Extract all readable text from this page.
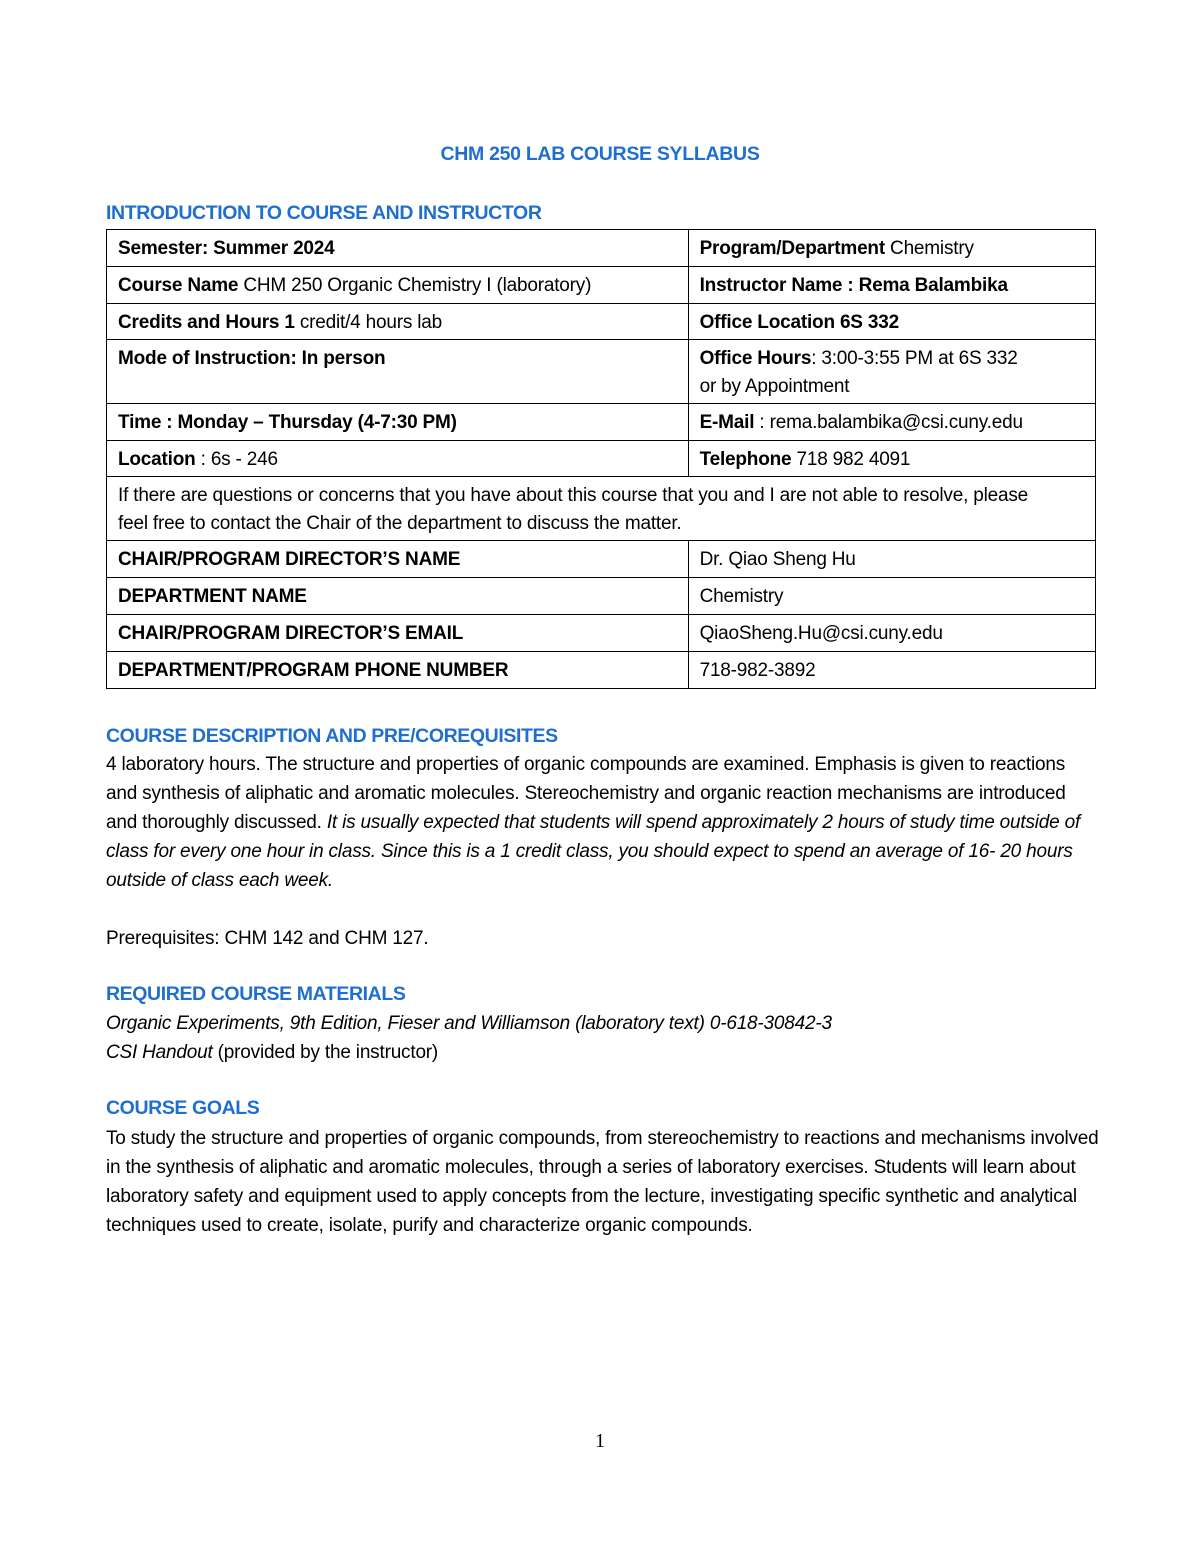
CHM 250 LAB COURSE SYLLABUS
INTRODUCTION TO COURSE AND INSTRUCTOR
Semester: Summer 2024	Program/Department Chemistry
Course Name CHM 250 Organic Chemistry I (laboratory)	Instructor Name : Rema Balambika
Credits and Hours 1 credit/4 hours lab	Office Location 6S 332
Mode of Instruction: In person	Office Hours: 3:00-3:55 PM at 6S 332
or by Appointment
Time : Monday – Thursday (4-7:30 PM)	E-Mail : rema.balambika@csi.cuny.edu
Location : 6s - 246	Telephone 718 982 4091
If there are questions or concerns that you have about this course that you and I are not able to resolve, please feel free to contact the Chair of the department to discuss the matter.	
CHAIR/PROGRAM DIRECTOR’S NAME	Dr. Qiao Sheng Hu
DEPARTMENT NAME	Chemistry
CHAIR/PROGRAM DIRECTOR’S EMAIL	QiaoSheng.Hu@csi.cuny.edu
DEPARTMENT/PROGRAM PHONE NUMBER	718-982-3892
COURSE DESCRIPTION AND PRE/COREQUISITES
4 laboratory hours. The structure and properties of organic compounds are examined. Emphasis is given to reactions and synthesis of aliphatic and aromatic molecules. Stereochemistry and organic reaction mechanisms are introduced and thoroughly discussed. It is usually expected that students will spend approximately 2 hours of study time outside of class for every one hour in class. Since this is a 1 credit class, you should expect to spend an average of 16- 20 hours outside of class each week.
Prerequisites: CHM 142 and CHM 127.
REQUIRED COURSE MATERIALS
Organic Experiments, 9th Edition, Fieser and Williamson (laboratory text) 0-618-30842-3
CSI Handout (provided by the instructor)
COURSE GOALS
To study the structure and properties of organic compounds, from stereochemistry to reactions and mechanisms involved in the synthesis of aliphatic and aromatic molecules, through a series of laboratory exercises. Students will learn about laboratory safety and equipment used to apply concepts from the lecture, investigating specific synthetic and analytical techniques used to create, isolate, purify and characterize organic compounds.
1
